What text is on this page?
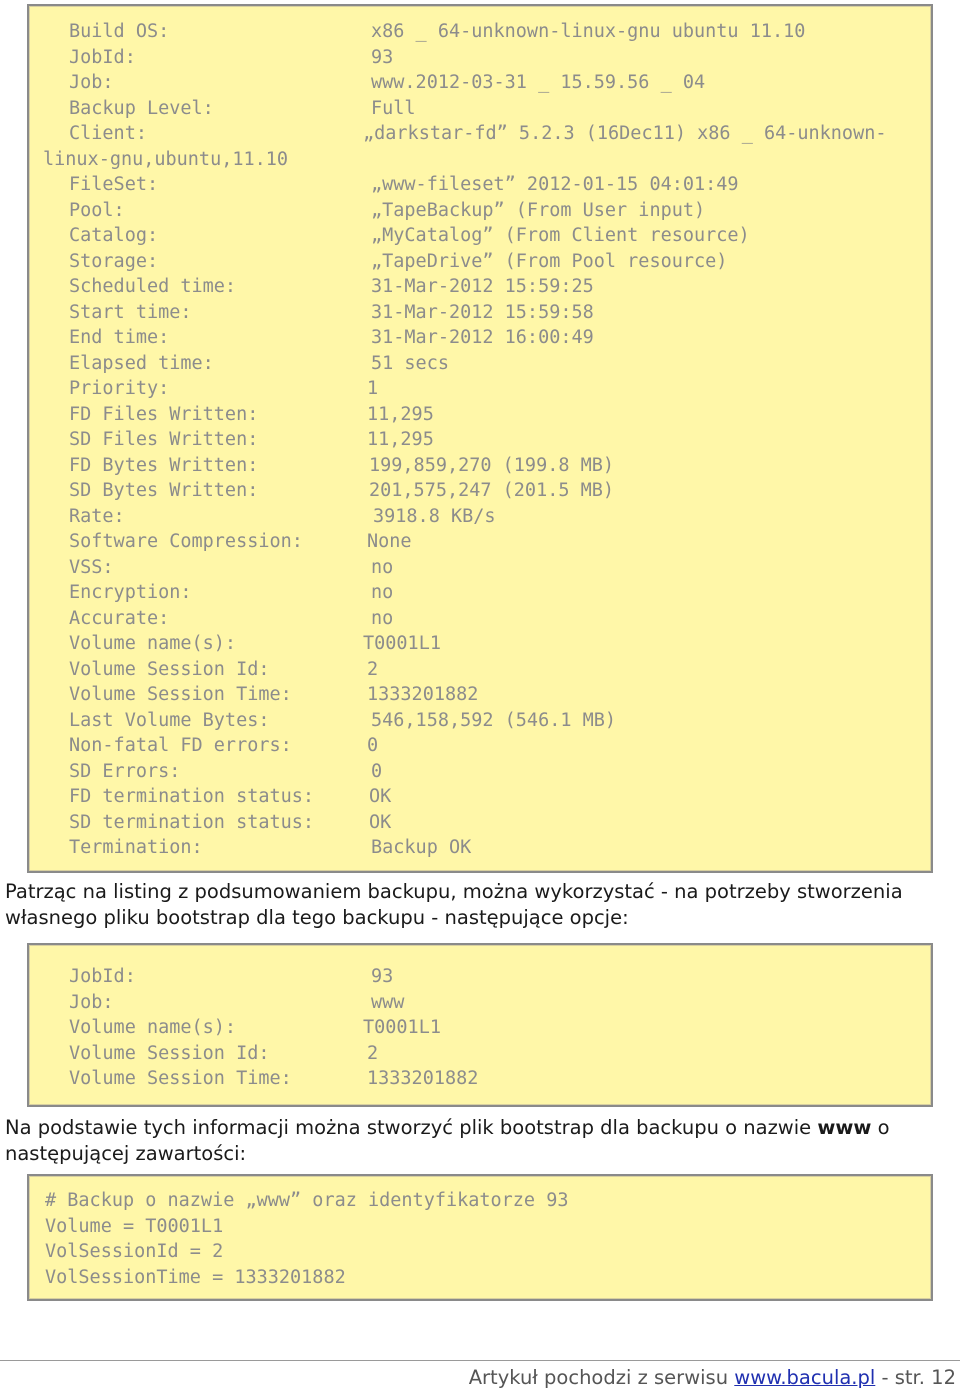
Build OS:

	x86 _ 64-unknown-linux-gnu ubuntu 11.10

JobId:

	93

Job:

	www.2012-03-31 _ 15.59.56 _ 04

Backup Level:

	Full

Client:

	„darkstar-fd” 5.2.3 (16Dec11) x86 _ 64-unknown-

linux-gnu,ubuntu,11.10

FileSet:

	„www-fileset” 2012-01-15 04:01:49

Pool:

	„TapeBackup” (From User input)

Catalog:

	„MyCatalog” (From Client resource)

Storage:

	„TapeDrive” (From Pool resource)

Scheduled time:

	31-Mar-2012 15:59:25

Start time:

	31-Mar-2012 15:59:58

End time:

	31-Mar-2012 16:00:49

Elapsed time:

	51 secs

Priority:

	1

FD Files Written:

	11,295

SD Files Written:

	11,295

FD Bytes Written:

	199,859,270 (199.8 MB)

SD Bytes Written:

	201,575,247 (201.5 MB)

Rate:

	3918.8 KB/s

Software Compression:

	None

VSS:

	no

Encryption:

	no

Accurate:

	no

Volume name(s):

	T0001L1

Volume Session Id:

	2

Volume Session Time:

	1333201882

Last Volume Bytes:

	546,158,592 (546.1 MB)

Non-fatal FD errors:

	0

SD Errors:

	0

FD termination status:

	OK

SD termination status:

	OK

Termination:

	Backup OK

Patrząc na listing z podsumowaniem backupu, można wykorzystać - na potrzeby stworzenia własnego pliku bootstrap dla tego backupu - następujące opcje:

JobId:

	93

Job:

	www

Volume name(s):

	T0001L1

Volume Session Id:

	2

Volume Session Time:

	1333201882

Na podstawie tych informacji można stworzyć plik bootstrap dla backupu o nazwie www o następującej zawartości:

# Backup o nazwie „www” oraz identyfikatorze 93

Volume = T0001L1

VolSessionId = 2

VolSessionTime = 1333201882

Artykuł pochodzi z serwisu www.bacula.pl - str. 12
